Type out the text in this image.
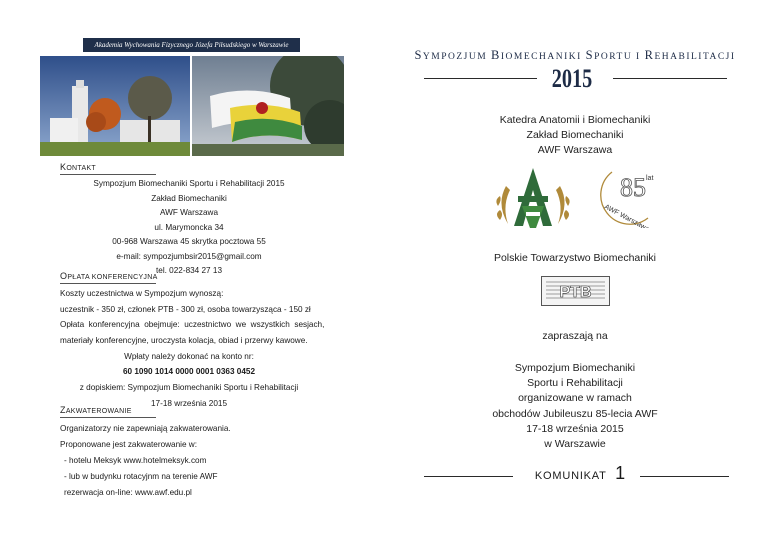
Akademia Wychowania Fizycznego Józefa Piłsudskiego w Warszawie
KONTAKT
Sympozjum Biomechaniki Sportu i Rehabilitacji 2015
Zakład Biomechaniki
AWF Warszawa
ul. Marymoncka 34
00-968 Warszawa 45 skrytka pocztowa 55
e-mail: sympozjumbsir2015@gmail.com
tel. 022-834 27 13
OPŁATA KONFERENCYJNA
Koszty uczestnictwa w Sympozjum wynoszą:
uczestnik - 350 zł, członek PTB - 300 zł, osoba towarzysząca - 150 zł
Opłata  konferencyjna  obejmuje:  uczestnictwo  we  wszystkich  sesjach,
materiały konferencyjne, uroczysta kolacja, obiad i przerwy kawowe.
Wpłaty należy dokonać na konto nr:
60 1090 1014 0000 0001 0363 0452
z dopiskiem: Sympozjum Biomechaniki Sportu i Rehabilitacji
17-18 września 2015
ZAKWATEROWANIE
Organizatorzy nie zapewniają zakwaterowania.
Proponowane jest zakwaterowanie w:
- hotelu Meksyk www.hotelmeksyk.com
- lub w budynku rotacyjnm na terenie AWF
rezerwacja on-line: www.awf.edu.pl
SYMPOZJUM BIOMECHANIKI SPORTU I REHABILITACJI
2015
Katedra Anatomii i Biomechaniki
Zakład Biomechaniki
AWF Warszawa
85 lat
AWF Warszawa
Polskie Towarzystwo Biomechaniki
PTB
zapraszają na
Sympozjum Biomechaniki
Sportu i Rehabilitacji
organizowane w ramach
obchodów Jubileuszu 85-lecia AWF
17-18 września 2015
w Warszawie
KOMUNIKAT 1
